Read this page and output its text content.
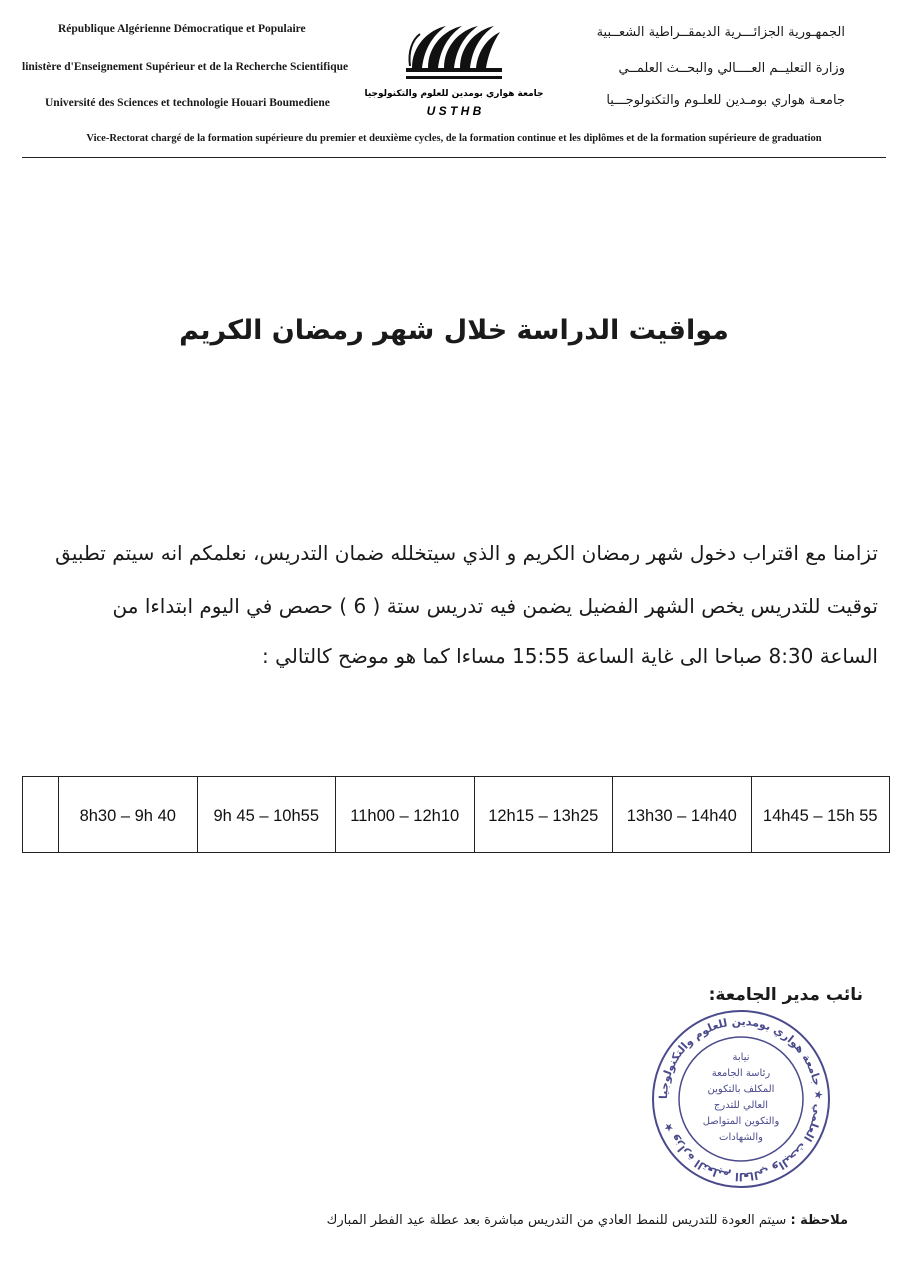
République Algérienne Démocratique et Populaire
linistère d'Enseignement Supérieur et de la Recherche Scientifique
Université des Sciences et technologie Houari Boumediene
الجمهـورية الجزائـــرية الديمقــراطية الشعــبية
وزارة التعليــم العــــالي والبحــث العلمــي
جامعـة هواري بومـدين للعلـوم والتكنولوجـــيا
جامعة هواري بومدين للعلوم والتكنولوجيا
U S T H B
Vice-Rectorat chargé de la formation supérieure du premier et deuxième cycles, de la formation continue et les diplômes et de la formation supérieure de graduation
مواقيت الدراسة خلال شهر رمضان الكريم
تزامنا مع اقتراب دخول شهر رمضان الكريم و الذي سيتخلله ضمان التدريس، نعلمكم انه سيتم تطبيق
توقيت للتدريس يخص الشهر الفضيل يضمن فيه تدريس ستة ( 6 ) حصص في اليوم ابتداءا من
الساعة 8:30 صباحا الى غاية الساعة 15:55 مساءا كما هو موضح كالتالي :
8h30 – 9h 40	9h 45 – 10h55	11h00 – 12h10	12h15 – 13h25	13h30 – 14h40	14h45 – 15h 55
نائب مدير الجامعة:
وزارة التعليم العالي والبحث العلمي ★ جامعة هواري بومدين للعلوم والتكنولوجيا ★
نيابة
رئاسة الجامعة
المكلف بالتكوين
العالي للتدرج
والتكوين المتواصل
والشهادات
ملاحظة : سيتم العودة للتدريس للنمط العادي من التدريس مباشرة بعد عطلة عيد الفطر المبارك
